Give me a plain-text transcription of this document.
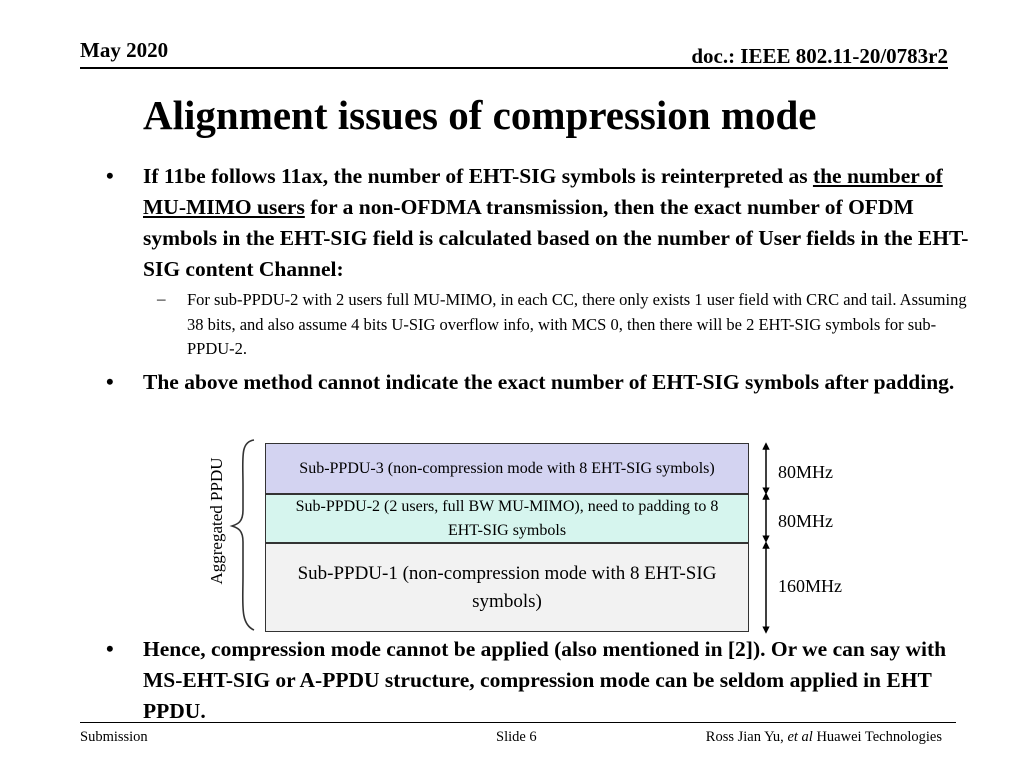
May 2020	doc.: IEEE 802.11-20/0783r2
Alignment issues of compression mode
• If 11be follows 11ax, the number of EHT-SIG symbols is reinterpreted as the number of MU-MIMO users for a non-OFDMA transmission, then the exact number of OFDM symbols in the EHT-SIG field is calculated based on the number of User fields in the EHT-SIG content Channel:
– For sub-PPDU-2 with 2 users full MU-MIMO, in each CC, there only exists 1 user field with CRC and tail. Assuming 38 bits, and also assume 4 bits U-SIG overflow info, with MCS 0, then there will be 2 EHT-SIG symbols for sub-PPDU-2.
• The above method cannot indicate the exact number of EHT-SIG symbols after padding.
Aggregated PPDU	Sub-PPDU-3 (non-compression mode with 8 EHT-SIG symbols)
Sub-PPDU-2 (2 users, full BW MU-MIMO), need to padding to 8 EHT-SIG symbols
Sub-PPDU-1 (non-compression mode with 8 EHT-SIG symbols)
80MHz
80MHz
160MHz
• Hence, compression mode cannot be applied (also mentioned in [2]). Or we can say with MS-EHT-SIG or A-PPDU structure, compression mode can be seldom applied in EHT PPDU.
Submission	Slide 6	Ross Jian Yu, et al Huawei Technologies
